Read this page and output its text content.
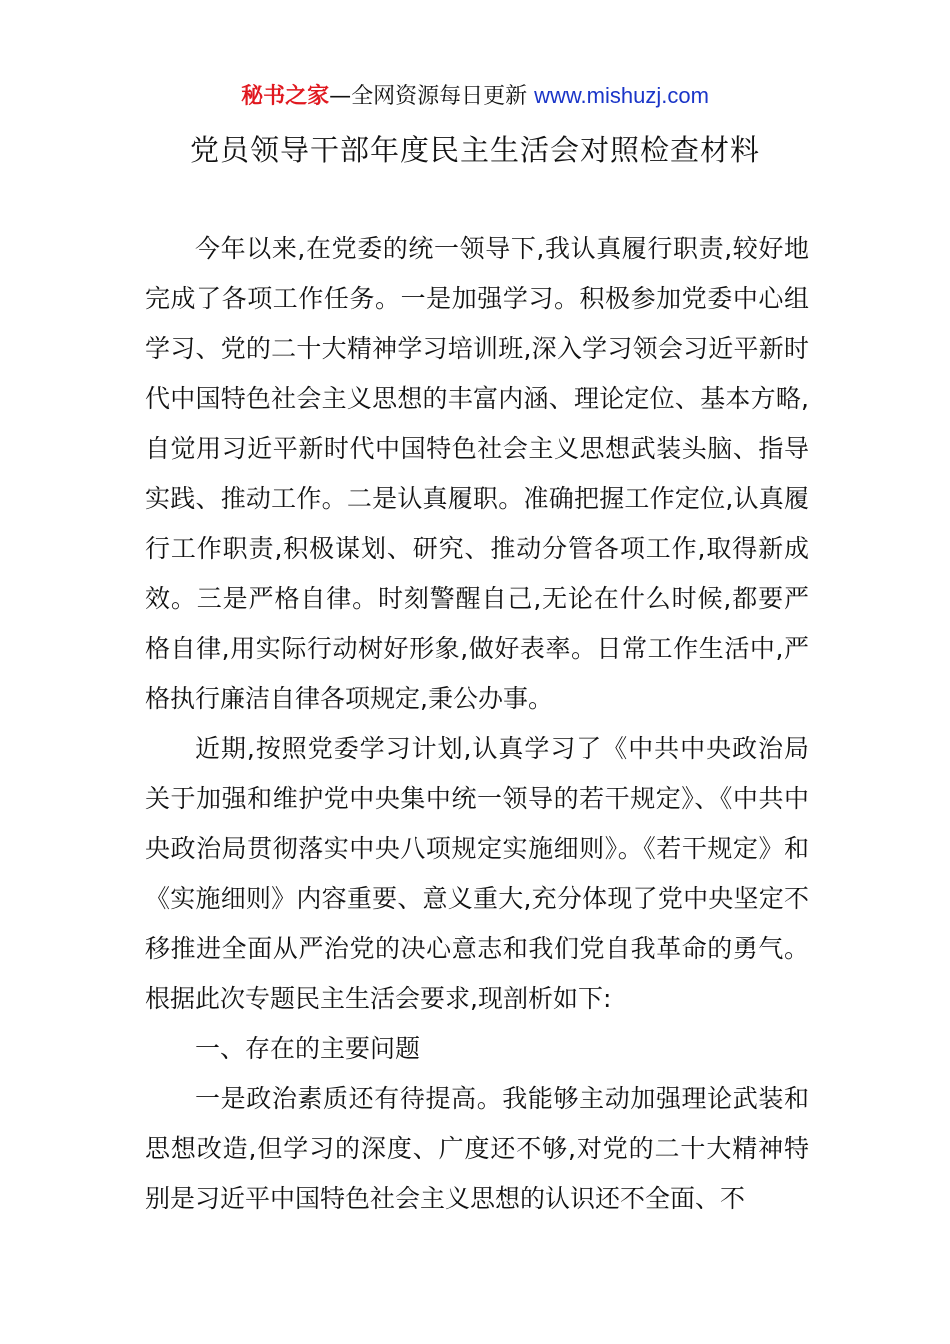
秘书之家—全网资源每日更新 www.mishuzj.com
党员领导干部年度民主生活会对照检查材料

今年以来,在党委的统一领导下,我认真履行职责,较好地完成了各项工作任务。一是加强学习。积极参加党委中心组学习、党的二十大精神学习培训班,深入学习领会习近平新时代中国特色社会主义思想的丰富内涵、理论定位、基本方略,自觉用习近平新时代中国特色社会主义思想武装头脑、指导实践、推动工作。二是认真履职。准确把握工作定位,认真履行工作职责,积极谋划、研究、推动分管各项工作,取得新成效。三是严格自律。时刻警醒自己,无论在什么时候,都要严格自律,用实际行动树好形象,做好表率。日常工作生活中,严格执行廉洁自律各项规定,秉公办事。

近期,按照党委学习计划,认真学习了《中共中央政治局关于加强和维护党中央集中统一领导的若干规定》、《中共中央政治局贯彻落实中央八项规定实施细则》。《若干规定》和《实施细则》内容重要、意义重大,充分体现了党中央坚定不移推进全面从严治党的决心意志和我们党自我革命的勇气。根据此次专题民主生活会要求,现剖析如下:

一、存在的主要问题

一是政治素质还有待提高。我能够主动加强理论武装和思想改造,但学习的深度、广度还不够,对党的二十大精神特别是习近平中国特色社会主义思想的认识还不全面、不
